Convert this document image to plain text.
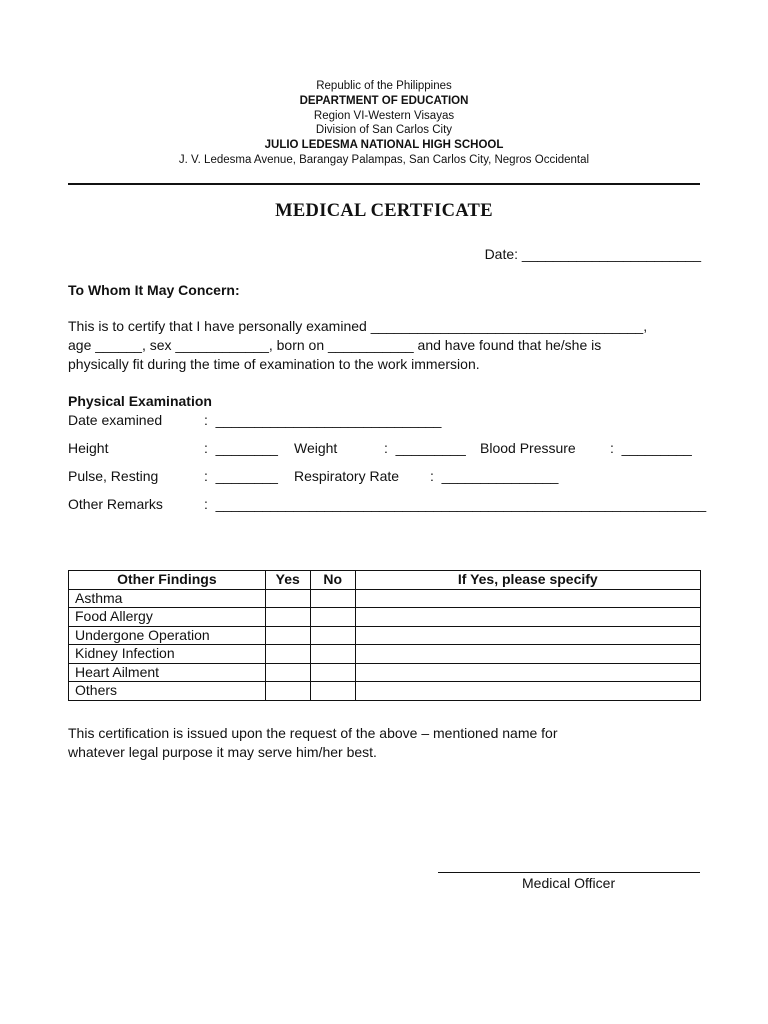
Republic of the Philippines
DEPARTMENT OF EDUCATION
Region VI-Western Visayas
Division of San Carlos City
JULIO LEDESMA NATIONAL HIGH SCHOOL
J. V. Ledesma Avenue, Barangay Palampas, San Carlos City, Negros Occidental
MEDICAL CERTFICATE
Date: _______________________
To Whom It May Concern:
This is to certify that I have personally examined ___________________________________,
age ______, sex ____________, born on ___________ and have found that he/she is
physically fit during the time of examination to the work immersion.
Physical Examination
Date examined	:  _____________________________
Height	:  ________ Weight	:  _________ Blood Pressure :  _________
Pulse, Resting	:  ________ Respiratory Rate :  _______________
Other Remarks	:  _______________________________________________________________
Other Findings	Yes	No	If Yes, please specify
Asthma			
Food Allergy			
Undergone Operation			
Kidney Infection			
Heart Ailment			
Others			
This certification is issued upon the request of the above – mentioned name for
whatever legal purpose it may serve him/her best.
Medical Officer
